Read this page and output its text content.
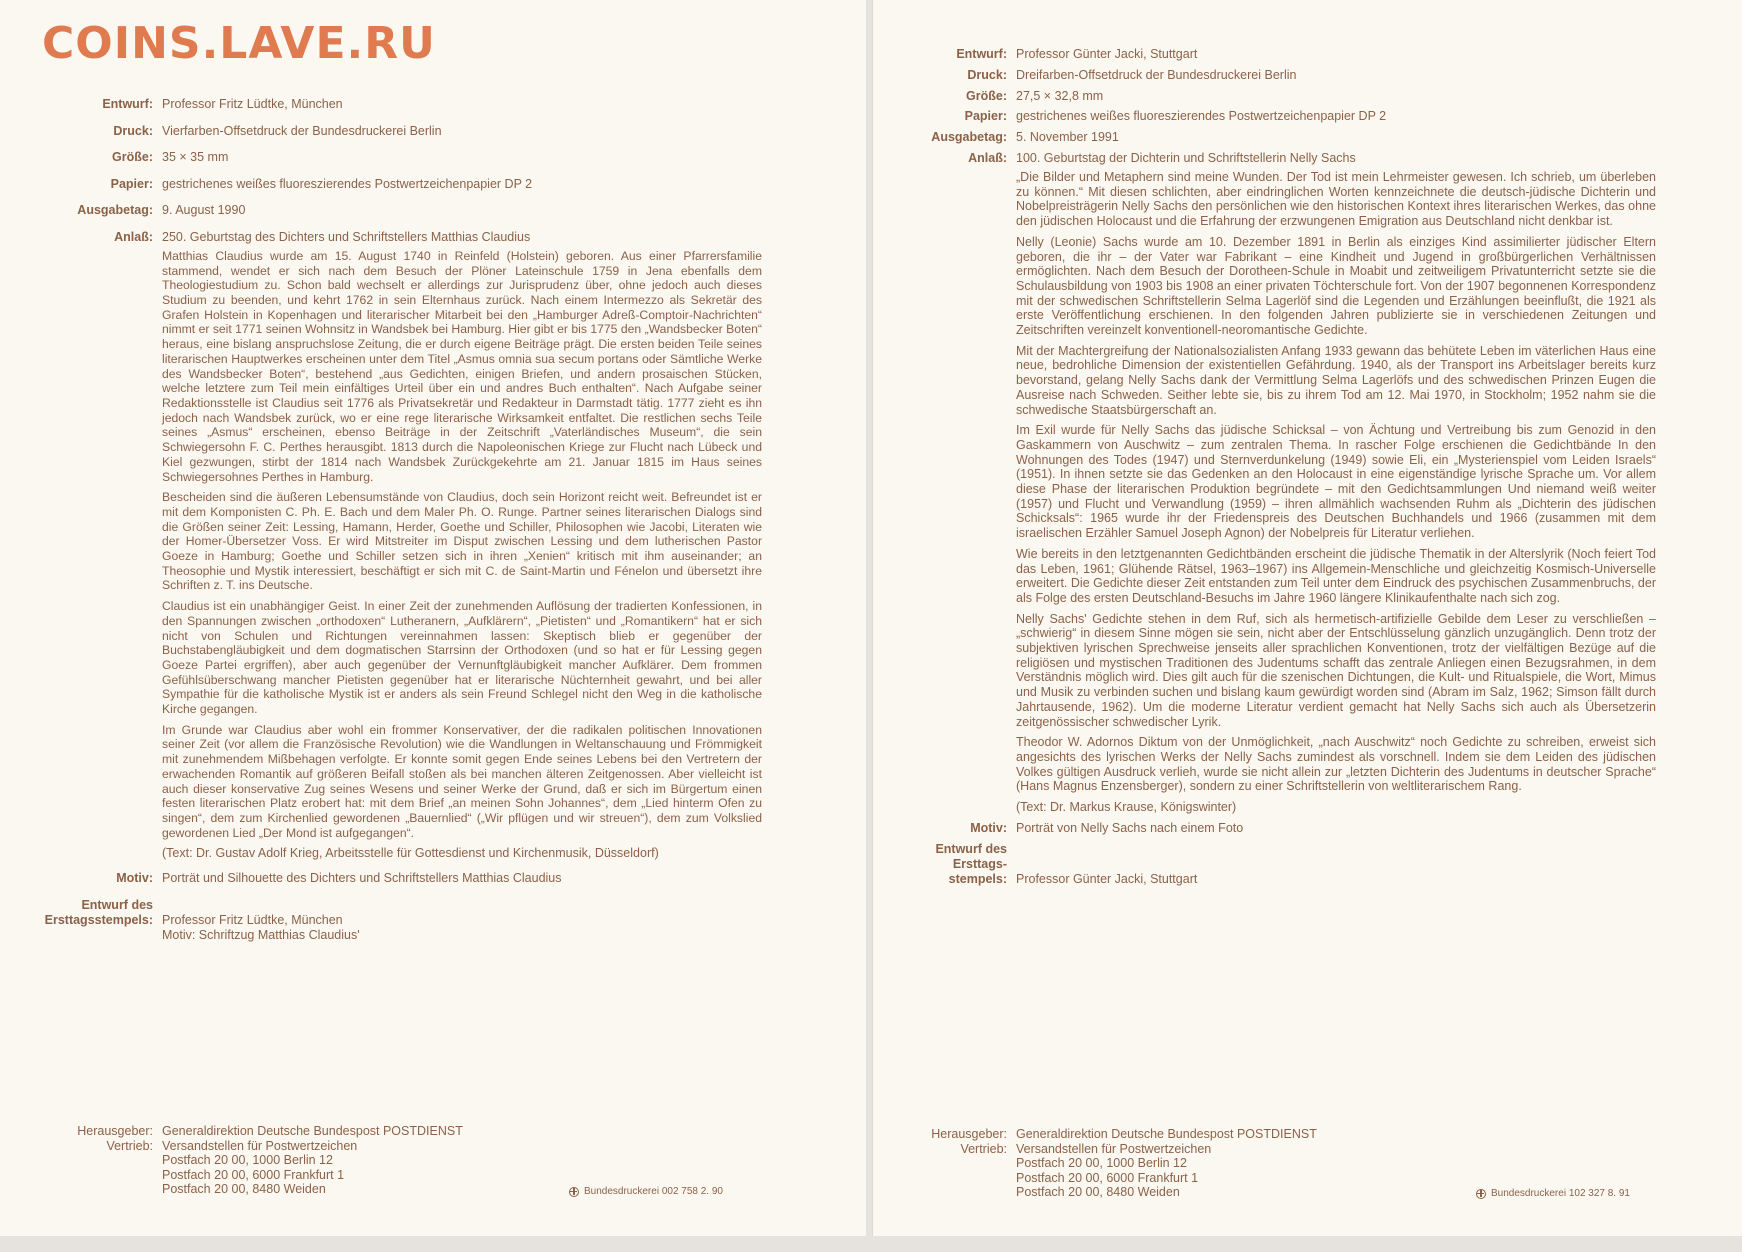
COINS.LAVE.RU
Entwurf: Professor Fritz Lüdtke, München
Druck: Vierfarben-Offsetdruck der Bundesdruckerei Berlin
Größe: 35 × 35 mm
Papier: gestrichenes weißes fluoreszierendes Postwertzeichenpapier DP 2
Ausgabetag: 9. August 1990
Anlaß: 250. Geburtstag des Dichters und Schriftstellers Matthias Claudius

Matthias Claudius wurde am 15. August 1740 in Reinfeld (Holstein) geboren. Aus einer Pfarrersfamilie stammend, wendet er sich nach dem Besuch der Plöner Lateinschule 1759 in Jena ebenfalls dem Theologiestudium zu. Schon bald wechselt er allerdings zur Jurisprudenz über, ohne jedoch auch dieses Studium zu beenden, und kehrt 1762 in sein Elternhaus zurück. Nach einem Intermezzo als Sekretär des Grafen Holstein in Kopenhagen und literarischer Mitarbeit bei den „Hamburger Adreß-Comptoir-Nachrichten“ nimmt er seit 1771 seinen Wohnsitz in Wandsbek bei Hamburg. Hier gibt er bis 1775 den „Wandsbecker Boten“ heraus, eine bislang anspruchslose Zeitung, die er durch eigene Beiträge prägt. Die ersten beiden Teile seines literarischen Hauptwerkes erscheinen unter dem Titel „Asmus omnia sua secum portans oder Sämtliche Werke des Wandsbecker Boten“, bestehend „aus Gedichten, einigen Briefen, und andern prosaischen Stücken, welche letztere zum Teil mein einfältiges Urteil über ein und andres Buch enthalten“. Nach Aufgabe seiner Redaktionsstelle ist Claudius seit 1776 als Privatsekretär und Redakteur in Darmstadt tätig. 1777 zieht es ihn jedoch nach Wandsbek zurück, wo er eine rege literarische Wirksamkeit entfaltet. Die restlichen sechs Teile seines „Asmus“ erscheinen, ebenso Beiträge in der Zeitschrift „Vaterländisches Museum“, die sein Schwiegersohn F. C. Perthes herausgibt. 1813 durch die Napoleonischen Kriege zur Flucht nach Lübeck und Kiel gezwungen, stirbt der 1814 nach Wandsbek Zurückgekehrte am 21. Januar 1815 im Haus seines Schwiegersohnes Perthes in Hamburg.

Bescheiden sind die äußeren Lebensumstände von Claudius, doch sein Horizont reicht weit. Befreundet ist er mit dem Komponisten C. Ph. E. Bach und dem Maler Ph. O. Runge. Partner seines literarischen Dialogs sind die Größen seiner Zeit: Lessing, Hamann, Herder, Goethe und Schiller, Philosophen wie Jacobi, Literaten wie der Homer-Übersetzer Voss. Er wird Mitstreiter im Disput zwischen Lessing und dem lutherischen Pastor Goeze in Hamburg; Goethe und Schiller setzen sich in ihren „Xenien“ kritisch mit ihm auseinander; an Theosophie und Mystik interessiert, beschäftigt er sich mit C. de Saint-Martin und Fénelon und übersetzt ihre Schriften z. T. ins Deutsche.

Claudius ist ein unabhängiger Geist. In einer Zeit der zunehmenden Auflösung der tradierten Konfessionen, in den Spannungen zwischen „orthodoxen“ Lutheranern, „Aufklärern“, „Pietisten“ und „Romantikern“ hat er sich nicht von Schulen und Richtungen vereinnahmen lassen: Skeptisch blieb er gegenüber der Buchstabengläubigkeit und dem dogmatischen Starrsinn der Orthodoxen (und so hat er für Lessing gegen Goeze Partei ergriffen), aber auch gegenüber der Vernunftgläubigkeit mancher Aufklärer. Dem frommen Gefühlsüberschwang mancher Pietisten gegenüber hat er literarische Nüchternheit gewahrt, und bei aller Sympathie für die katholische Mystik ist er anders als sein Freund Schlegel nicht den Weg in die katholische Kirche gegangen.

Im Grunde war Claudius aber wohl ein frommer Konservativer, der die radikalen politischen Innovationen seiner Zeit (vor allem die Französische Revolution) wie die Wandlungen in Weltanschauung und Frömmigkeit mit zunehmendem Mißbehagen verfolgte. Er konnte somit gegen Ende seines Lebens bei den Vertretern der erwachenden Romantik auf größeren Beifall stoßen als bei manchen älteren Zeitgenossen. Aber vielleicht ist auch dieser konservative Zug seines Wesens und seiner Werke der Grund, daß er sich im Bürgertum einen festen literarischen Platz erobert hat: mit dem Brief „an meinen Sohn Johannes“, dem „Lied hinterm Ofen zu singen“, dem zum Kirchenlied gewordenen „Bauernlied“ („Wir pflügen und wir streuen“), dem zum Volkslied gewordenen Lied „Der Mond ist aufgegangen“.

(Text: Dr. Gustav Adolf Krieg, Arbeitsstelle für Gottesdienst und Kirchenmusik, Düsseldorf)
Motiv: Porträt und Silhouette des Dichters und Schriftstellers Matthias Claudius
Entwurf des
Ersttagsstempels: Professor Fritz Lüdtke, München
Motiv: Schriftzug Matthias Claudius'
Herausgeber:
Vertrieb:
Generaldirektion Deutsche Bundespost POSTDIENST
Versandstellen für Postwertzeichen
Postfach 20 00, 1000 Berlin 12
Postfach 20 00, 6000 Frankfurt 1
Postfach 20 00, 8480 Weiden	Bundesdruckerei 002 758 2. 90
Entwurf: Professor Günter Jacki, Stuttgart
Druck: Dreifarben-Offsetdruck der Bundesdruckerei Berlin
Größe: 27,5 × 32,8 mm
Papier: gestrichenes weißes fluoreszierendes Postwertzeichenpapier DP 2
Ausgabetag: 5. November 1991
Anlaß: 100. Geburtstag der Dichterin und Schriftstellerin Nelly Sachs

„Die Bilder und Metaphern sind meine Wunden. Der Tod ist mein Lehrmeister gewesen. Ich schrieb, um überleben zu können.“ Mit diesen schlichten, aber eindringlichen Worten kennzeichnete die deutsch-jüdische Dichterin und Nobelpreisträgerin Nelly Sachs den persönlichen wie den historischen Kontext ihres literarischen Werkes, das ohne den jüdischen Holocaust und die Erfahrung der erzwungenen Emigration aus Deutschland nicht denkbar ist.

Nelly (Leonie) Sachs wurde am 10. Dezember 1891 in Berlin als einziges Kind assimilierter jüdischer Eltern geboren, die ihr – der Vater war Fabrikant – eine Kindheit und Jugend in großbürgerlichen Verhältnissen ermöglichten. Nach dem Besuch der Dorotheen-Schule in Moabit und zeitweiligem Privatunterricht setzte sie die Schulausbildung von 1903 bis 1908 an einer privaten Töchterschule fort. Von der 1907 begonnenen Korrespondenz mit der schwedischen Schriftstellerin Selma Lagerlöf sind die Legenden und Erzählungen beeinflußt, die 1921 als erste Veröffentlichung erschienen. In den folgenden Jahren publizierte sie in verschiedenen Zeitungen und Zeitschriften vereinzelt konventionell-neoromantische Gedichte.

Mit der Machtergreifung der Nationalsozialisten Anfang 1933 gewann das behütete Leben im väterlichen Haus eine neue, bedrohliche Dimension der existentiellen Gefährdung. 1940, als der Transport ins Arbeitslager bereits kurz bevorstand, gelang Nelly Sachs dank der Vermittlung Selma Lagerlöfs und des schwedischen Prinzen Eugen die Ausreise nach Schweden. Seither lebte sie, bis zu ihrem Tod am 12. Mai 1970, in Stockholm; 1952 nahm sie die schwedische Staatsbürgerschaft an.

Im Exil wurde für Nelly Sachs das jüdische Schicksal – von Ächtung und Vertreibung bis zum Genozid in den Gaskammern von Auschwitz – zum zentralen Thema. In rascher Folge erschienen die Gedichtbände In den Wohnungen des Todes (1947) und Sternverdunkelung (1949) sowie Eli, ein „Mysterienspiel vom Leiden Israels“ (1951). In ihnen setzte sie das Gedenken an den Holocaust in eine eigenständige lyrische Sprache um. Vor allem diese Phase der literarischen Produktion begründete – mit den Gedichtsammlungen Und niemand weiß weiter (1957) und Flucht und Verwandlung (1959) – ihren allmählich wachsenden Ruhm als „Dichterin des jüdischen Schicksals“: 1965 wurde ihr der Friedenspreis des Deutschen Buchhandels und 1966 (zusammen mit dem israelischen Erzähler Samuel Joseph Agnon) der Nobelpreis für Literatur verliehen.

Wie bereits in den letztgenannten Gedichtbänden erscheint die jüdische Thematik in der Alterslyrik (Noch feiert Tod das Leben, 1961; Glühende Rätsel, 1963–1967) ins Allgemein-Menschliche und gleichzeitig Kosmisch-Universelle erweitert. Die Gedichte dieser Zeit entstanden zum Teil unter dem Eindruck des psychischen Zusammenbruchs, der als Folge des ersten Deutschland-Besuchs im Jahre 1960 längere Klinikaufenthalte nach sich zog.

Nelly Sachs' Gedichte stehen in dem Ruf, sich als hermetisch-artifizielle Gebilde dem Leser zu verschließen – „schwierig“ in diesem Sinne mögen sie sein, nicht aber der Entschlüsselung gänzlich unzugänglich. Denn trotz der subjektiven lyrischen Sprechweise jenseits aller sprachlichen Konventionen, trotz der vielfältigen Bezüge auf die religiösen und mystischen Traditionen des Judentums schafft das zentrale Anliegen einen Bezugsrahmen, in dem Verständnis möglich wird. Dies gilt auch für die szenischen Dichtungen, die Kult- und Ritualspiele, die Wort, Mimus und Musik zu verbinden suchen und bislang kaum gewürdigt worden sind (Abram im Salz, 1962; Simson fällt durch Jahrtausende, 1962). Um die moderne Literatur verdient gemacht hat Nelly Sachs sich auch als Übersetzerin zeitgenössischer schwedischer Lyrik.

Theodor W. Adornos Diktum von der Unmöglichkeit, „nach Auschwitz“ noch Gedichte zu schreiben, erweist sich angesichts des lyrischen Werks der Nelly Sachs zumindest als vorschnell. Indem sie dem Leiden des jüdischen Volkes gültigen Ausdruck verlieh, wurde sie nicht allein zur „letzten Dichterin des Judentums in deutscher Sprache“ (Hans Magnus Enzensberger), sondern zu einer Schriftstellerin von weltliterarischem Rang.

(Text: Dr. Markus Krause, Königswinter)
Motiv: Porträt von Nelly Sachs nach einem Foto
Entwurf des
Ersttags-
stempels: Professor Günter Jacki, Stuttgart
Herausgeber:
Vertrieb:
Generaldirektion Deutsche Bundespost POSTDIENST
Versandstellen für Postwertzeichen
Postfach 20 00, 1000 Berlin 12
Postfach 20 00, 6000 Frankfurt 1
Postfach 20 00, 8480 Weiden	Bundesdruckerei 102 327 8. 91
